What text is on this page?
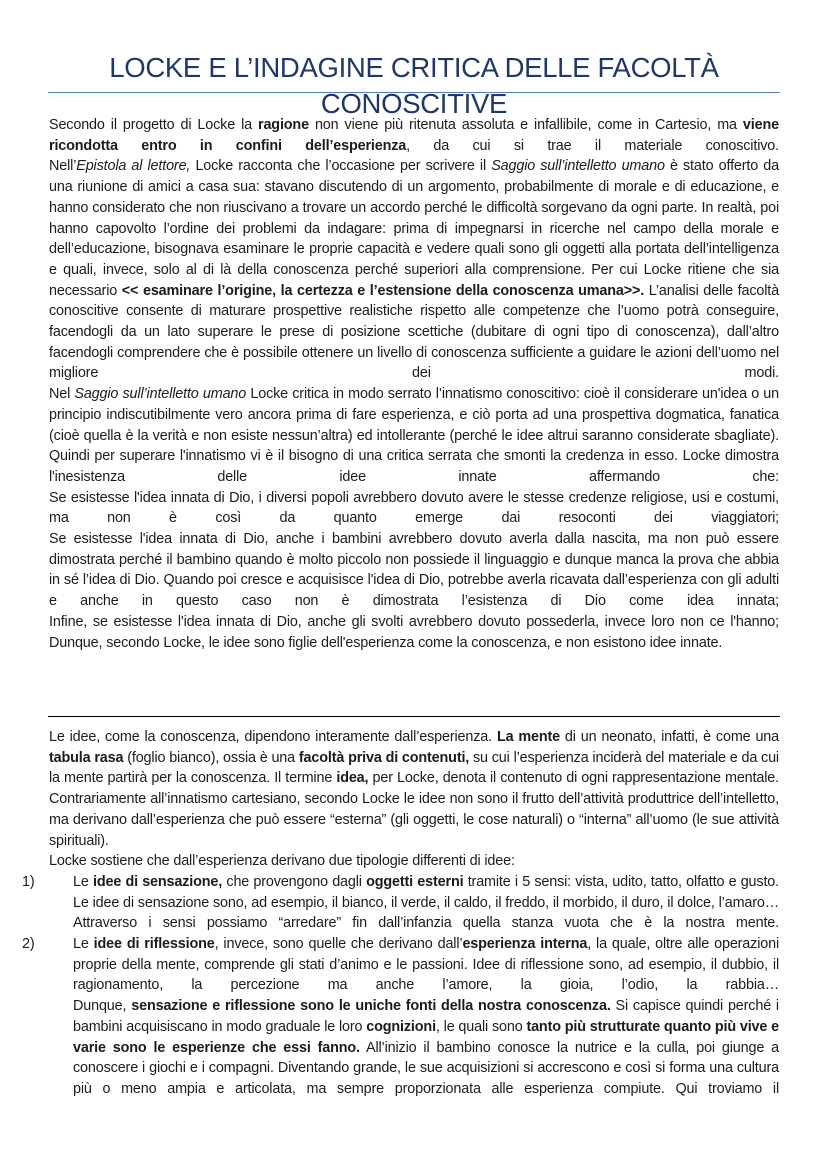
LOCKE E L’INDAGINE CRITICA DELLE FACOLTÀ CONOSCITIVE

Secondo il progetto di Locke la ragione non viene più ritenuta assoluta e infallibile, come in Cartesio, ma viene ricondotta entro in confini dell’esperienza, da cui si trae il materiale conoscitivo.

Nell’Epistola al lettore, Locke racconta che l’occasione per scrivere il Saggio sull’intelletto umano è stato offerto da una riunione di amici a casa sua: stavano discutendo di un argomento, probabilmente di morale e di educazione, e hanno considerato che non riuscivano a trovare un accordo perché le difficoltà sorgevano da ogni parte. In realtà, poi hanno capovolto l’ordine dei problemi da indagare: prima di impegnarsi in ricerche nel campo della morale e dell’educazione, bisognava esaminare le proprie capacità e vedere quali sono gli oggetti alla portata dell’intelligenza e quali, invece, solo al di là della conoscenza perché superiori alla comprensione. Per cui Locke ritiene che sia necessario << esaminare l’origine, la certezza e l’estensione della conoscenza umana>>. L’analisi delle facoltà conoscitive consente di maturare prospettive realistiche rispetto alle competenze che l’uomo potrà conseguire, facendogli da un lato superare le prese di posizione scettiche (dubitare di ogni tipo di conoscenza), dall’altro facendogli comprendere che è possibile ottenere un livello di conoscenza sufficiente a guidare le azioni dell’uomo nel migliore dei modi.

Nel Saggio sull’intelletto umano Locke critica in modo serrato l’innatismo conoscitivo: cioè il considerare un'idea o un principio indiscutibilmente vero ancora prima di fare esperienza, e ciò porta ad una prospettiva dogmatica, fanatica (cioè quella è la verità e non esiste nessun’altra) ed intollerante (perché le idee altrui saranno considerate sbagliate). Quindi per superare l'innatismo vi è il bisogno di una critica serrata che smonti la credenza in esso. Locke dimostra l'inesistenza delle idee innate affermando che:

Se esistesse l'idea innata di Dio, i diversi popoli avrebbero dovuto avere le stesse credenze religiose, usi e costumi, ma non è così da quanto emerge dai resoconti dei viaggiatori;

Se esistesse l'idea innata di Dio, anche i bambini avrebbero dovuto averla dalla nascita, ma non può essere dimostrata perché il bambino quando è molto piccolo non possiede il linguaggio e dunque manca la prova che abbia in sé l’idea di Dio. Quando poi cresce e acquisisce l'idea di Dio, potrebbe averla ricavata dall’esperienza con gli adulti e anche in questo caso non è dimostrata l’esistenza di Dio come idea innata;

Infine, se esistesse l'idea innata di Dio, anche gli svolti avrebbero dovuto possederla, invece loro non ce l'hanno;

Dunque, secondo Locke, le idee sono figlie dell'esperienza come la conoscenza, e non esistono idee innate.

Le idee, come la conoscenza, dipendono interamente dall’esperienza. La mente di un neonato, infatti, è come una tabula rasa (foglio bianco), ossia è una facoltà priva di contenuti, su cui l’esperienza inciderà del materiale e da cui la mente partirà per la conoscenza. Il termine idea, per Locke, denota il contenuto di ogni rappresentazione mentale. Contrariamente all’innatismo cartesiano, secondo Locke le idee non sono il frutto dell’attività produttrice dell’intelletto, ma derivano dall’esperienza che può essere “esterna” (gli oggetti, le cose naturali) o “interna” all’uomo (le sue attività spirituali).

Locke sostiene che dall’esperienza derivano due tipologie differenti di idee:

1)	Le idee di sensazione, che provengono dagli oggetti esterni tramite i 5 sensi: vista, udito, tatto, olfatto e gusto. Le idee di sensazione sono, ad esempio, il bianco, il verde, il caldo, il freddo, il morbido, il duro, il dolce, l’amaro… Attraverso i sensi possiamo “arredare” fin dall’infanzia quella stanza vuota che è la nostra mente.

2)	Le idee di riflessione, invece, sono quelle che derivano dall’esperienza interna, la quale, oltre alle operazioni proprie della mente, comprende gli stati d’animo e le passioni. Idee di riflessione sono, ad esempio, il dubbio, il ragionamento, la percezione ma anche l’amore, la gioia, l’odio, la rabbia…

Dunque, sensazione e riflessione sono le uniche fonti della nostra conoscenza. Si capisce quindi perché i bambini acquisiscano in modo graduale le loro cognizioni, le quali sono tanto più strutturate quanto più vive e varie sono le esperienze che essi fanno. All’inizio il bambino conosce la nutrice e la culla, poi giunge a conoscere i giochi e i compagni. Diventando grande, le sue acquisizioni si accrescono e così si forma una cultura più o meno ampia e articolata, ma sempre proporzionata alle esperienza compiute. Qui troviamo il
